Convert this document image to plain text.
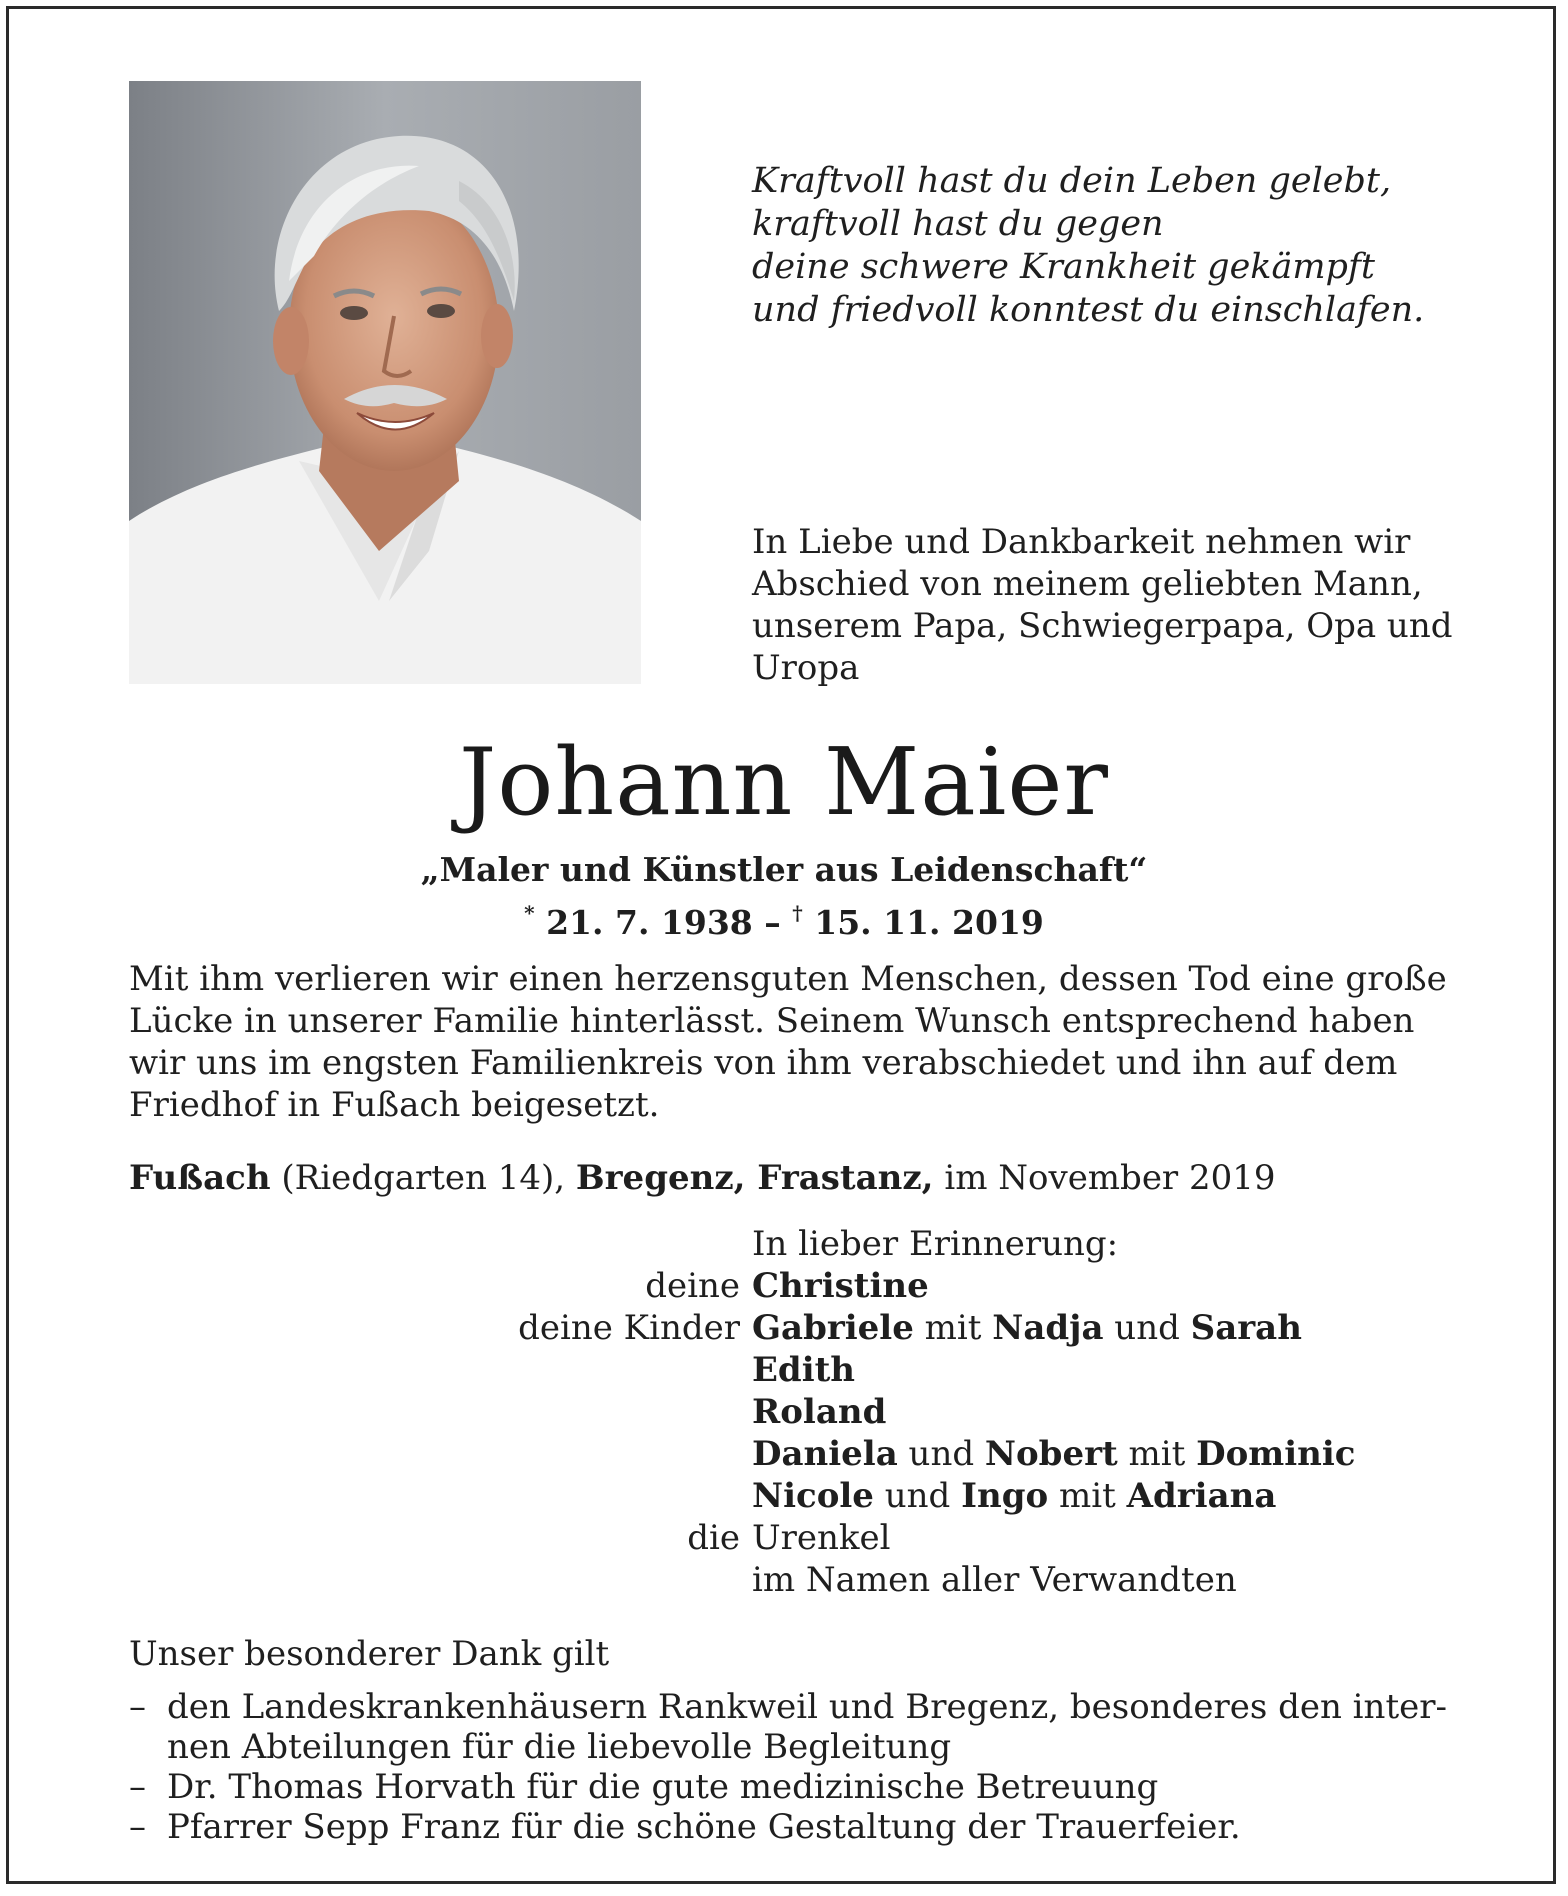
Kraftvoll hast du dein Leben gelebt,
kraftvoll hast du gegen
deine schwere Krankheit gekämpft
und friedvoll konntest du einschlafen.
In Liebe und Dankbarkeit nehmen wir
Abschied von meinem geliebten Mann,
unserem Papa, Schwiegerpapa, Opa und
Uropa
Johann Maier
„Maler und Künstler aus Leidenschaft“
* 21. 7. 1938 – † 15. 11. 2019
Mit ihm verlieren wir einen herzensguten Menschen, dessen Tod eine große
Lücke in unserer Familie hinterlässt. Seinem Wunsch entsprechend haben
wir uns im engsten Familienkreis von ihm verabschiedet und ihn auf dem
Friedhof in Fußach beigesetzt.
Fußach (Riedgarten 14), Bregenz, Frastanz, im November 2019
In lieber Erinnerung:
deine Christine
deine Kinder Gabriele mit Nadja und Sarah
Edith
Roland
Daniela und Nobert mit Dominic
Nicole und Ingo mit Adriana
die Urenkel
im Namen aller Verwandten
Unser besonderer Dank gilt
– den Landeskrankenhäusern Rankweil und Bregenz, besonderes den inter-
nen Abteilungen für die liebevolle Begleitung
– Dr. Thomas Horvath für die gute medizinische Betreuung
– Pfarrer Sepp Franz für die schöne Gestaltung der Trauerfeier.
